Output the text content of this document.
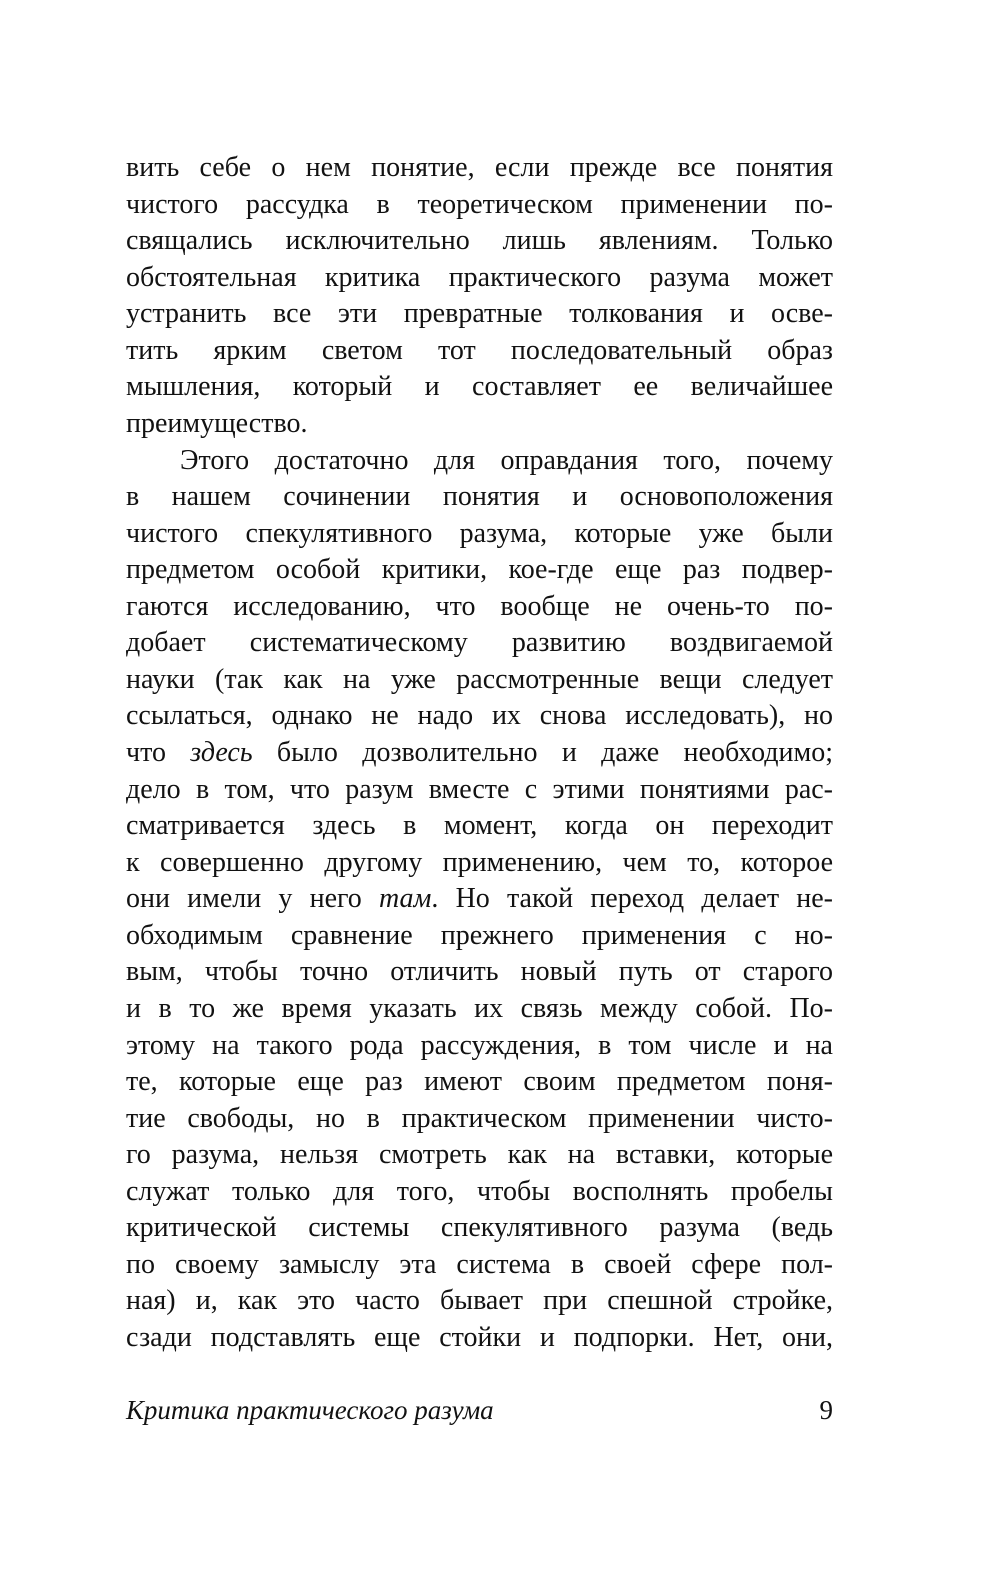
вить себе о нем понятие, если прежде все понятия
чистого рассудка в теоретическом применении по-
свящались исключительно лишь явлениям. Только
обстоятельная критика практического разума может
устранить все эти превратные толкования и осве-
тить ярким светом тот последовательный образ
мышления, который и составляет ее величайшее
преимущество.
Этого достаточно для оправдания того, почему
в нашем сочинении понятия и основоположения
чистого спекулятивного разума, которые уже были
предметом особой критики, кое-где еще раз подвер-
гаются исследованию, что вообще не очень-то по-
добает систематическому развитию воздвигаемой
науки (так как на уже рассмотренные вещи следует
ссылаться, однако не надо их снова исследовать), но
что здесь было дозволительно и даже необходимо;
дело в том, что разум вместе с этими понятиями рас-
сматривается здесь в момент, когда он переходит
к совершенно другому применению, чем то, которое
они имели у него там. Но такой переход делает не-
обходимым сравнение прежнего применения с но-
вым, чтобы точно отличить новый путь от старого
и в то же время указать их связь между собой. По-
этому на такого рода рассуждения, в том числе и на
те, которые еще раз имеют своим предметом поня-
тие свободы, но в практическом применении чисто-
го разума, нельзя смотреть как на вставки, которые
служат только для того, чтобы восполнять пробелы
критической системы спекулятивного разума (ведь
по своему замыслу эта система в своей сфере пол-
ная) и, как это часто бывает при спешной стройке,
сзади подставлять еще стойки и подпорки. Нет, они,
Критика практического разума	9
